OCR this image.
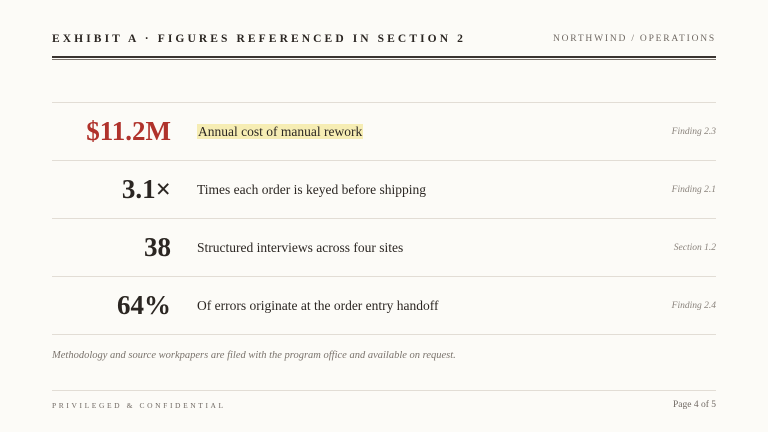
EXHIBIT A · FIGURES REFERENCED IN SECTION 2	NORTHWIND / OPERATIONS
$11.2M Annual cost of manual rework	Finding 2.3
3.1× Times each order is keyed before shipping	Finding 2.1
38 Structured interviews across four sites	Section 1.2
64% Of errors originate at the order entry handoff	Finding 2.4
Methodology and source workpapers are filed with the program office and available on request.
PRIVILEGED & CONFIDENTIAL	Page 4 of 5
